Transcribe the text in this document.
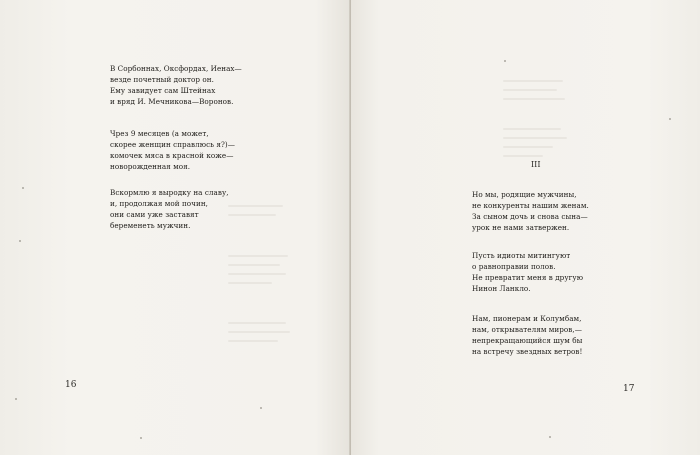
В Сорбоннах, Оксфордах, Иенах—
везде почетный доктор он.
Ему завидует сам Штейнах
и вряд И. Мечникова—Воронов.

Чрез 9 месяцев (а может,
скорее женщин справлюсь я?)—
комочек мяса в красной коже—
новорожденная моя.

Вскормлю я выродку на славу,
и, продолжая мой почин,
они сами уже заставят
беременеть мужчин.

16
III

Но мы, родящие мужчины,
не конкуренты нашим женам.
За сыном дочь и снова сына—
урок не нами затвержен.

Пусть идиоты митингуют
о равноправии полов.
Не превратит меня в другую
Нинон Ланкло.

Нам, пионерам и Колумбам,
нам, открывателям миров,—
непрекращающийся шум бы
на встречу звездных ветров!

17
